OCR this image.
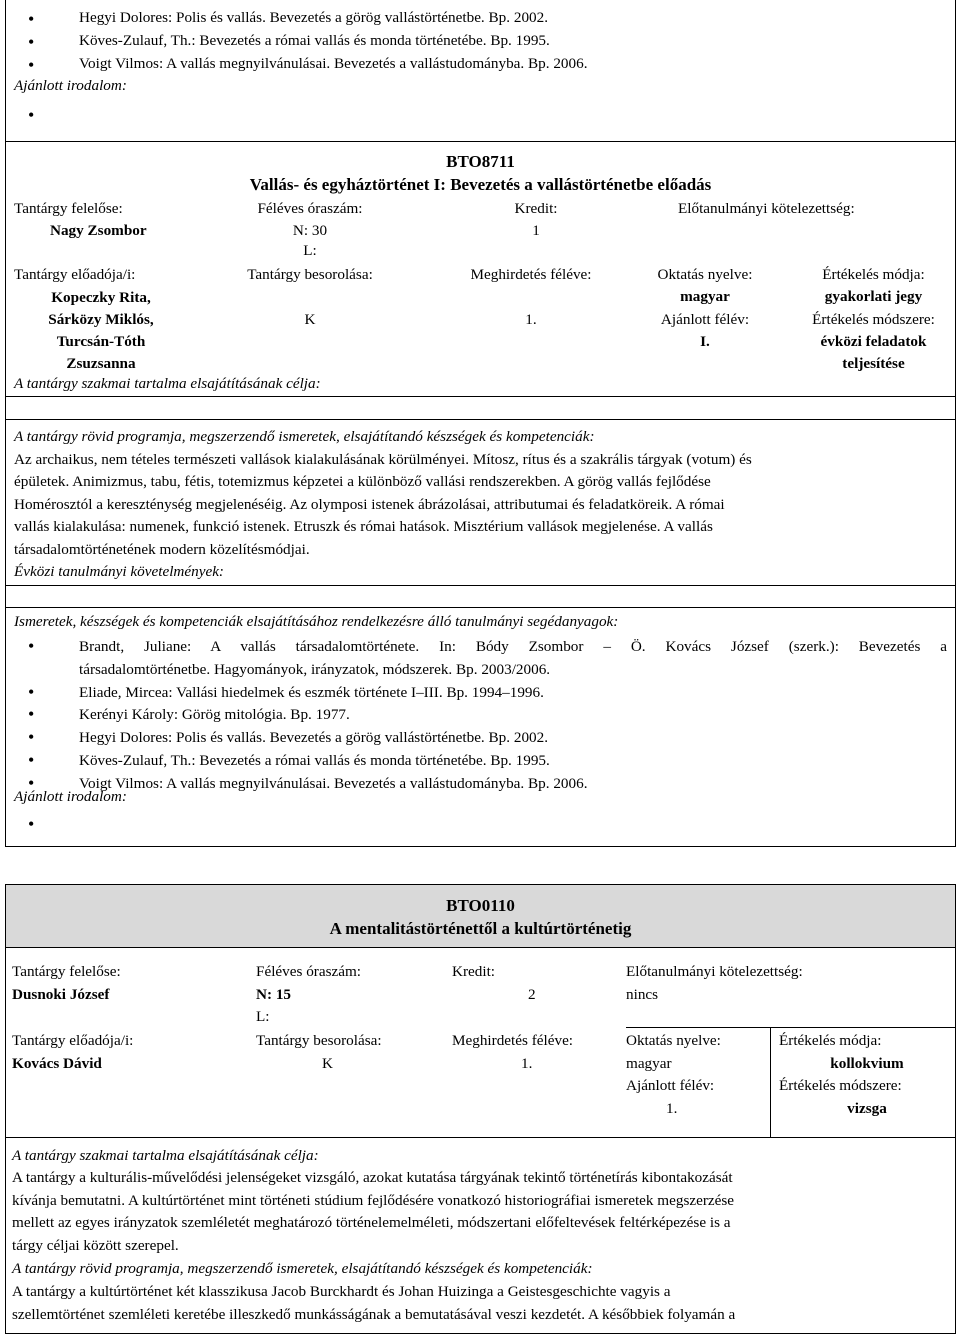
• Hegyi Dolores: Polis és vallás. Bevezetés a görög vallástörténetbe. Bp. 2002.
• Köves-Zulauf, Th.: Bevezetés a római vallás és monda történetébe. Bp. 1995.
• Voigt Vilmos: A vallás megnyilvánulásai. Bevezetés a vallástudományba. Bp. 2006.
Ajánlott irodalom:
•
BTO8711
Vallás- és egyháztörténet I: Bevezetés a vallástörténetbe előadás
Tantárgy felelőse:
Nagy Zsombor
Féléves óraszám:
N: 30
L:
Kredit:
1
Előtanulmányi kötelezettség:
Tantárgy előadója/i:
Kopeczky Rita,
Sárközy Miklós,
Turcsán-Tóth
Zsuzsanna
Tantárgy besorolása:
K
Meghirdetés féléve:
1.
Oktatás nyelve:
magyar
Ajánlott félév:
I.
Értékelés módja:
gyakorlati jegy
Értékelés módszere:
évközi feladatok
teljesítése
A tantárgy szakmai tartalma elsajátításának célja:
A tantárgy rövid programja, megszerzendő ismeretek, elsajátítandó készségek és kompetenciák:
Az archaikus, nem tételes természeti vallások kialakulásának körülményei. Mítosz, rítus és a szakrális tárgyak (votum) és
épületek. Animizmus, tabu, fétis, totemizmus képzetei a különböző vallási rendszerekben. A görög vallás fejlődése
Homérosztól a kereszténység megjelenéséig. Az olymposi istenek ábrázolásai, attributumai és feladatköreik. A római
vallás kialakulása: numenek, funkció istenek. Etruszk és római hatások. Misztérium vallások megjelenése. A vallás
társadalomtörténetének modern közelítésmódjai.
Évközi tanulmányi követelmények:
Ismeretek, készségek és kompetenciák elsajátításához rendelkezésre álló tanulmányi segédanyagok:
• Brandt, Juliane: A vallás társadalomtörténete. In: Bódy Zsombor – Ö. Kovács József (szerk.): Bevezetés a
társadalomtörténetbe. Hagyományok, irányzatok, módszerek. Bp. 2003/2006.
• Eliade, Mircea: Vallási hiedelmek és eszmék története I–III. Bp. 1994–1996.
• Kerényi Károly: Görög mitológia. Bp. 1977.
• Hegyi Dolores: Polis és vallás. Bevezetés a görög vallástörténetbe. Bp. 2002.
• Köves-Zulauf, Th.: Bevezetés a római vallás és monda történetébe. Bp. 1995.
• Voigt Vilmos: A vallás megnyilvánulásai. Bevezetés a vallástudományba. Bp. 2006.
Ajánlott irodalom:
•
BTO0110
A mentalitástörténettől a kultúrtörténetig
Tantárgy felelőse:
Dusnoki József
Féléves óraszám:
N: 15
L:
Kredit:
2
Előtanulmányi kötelezettség:
nincs
Tantárgy előadója/i:
Kovács Dávid
Tantárgy besorolása:
K
Meghirdetés féléve:
1.
Oktatás nyelve:
magyar
Ajánlott félév:
1.
Értékelés módja:
kollokvium
Értékelés módszere:
vizsga
A tantárgy szakmai tartalma elsajátításának célja:
A tantárgy a kulturális-művelődési jelenségeket vizsgáló, azokat kutatása tárgyának tekintő történetírás kibontakozását
kívánja bemutatni. A kultúrtörténet mint történeti stúdium fejlődésére vonatkozó historiográfiai ismeretek megszerzése
mellett az egyes irányzatok szemléletét meghatározó történelemelméleti, módszertani előfeltevések feltérképezése is a
tárgy céljai között szerepel.
A tantárgy rövid programja, megszerzendő ismeretek, elsajátítandó készségek és kompetenciák:
A tantárgy a kultúrtörténet két klasszikusa Jacob Burckhardt és Johan Huizinga a Geistesgeschichte vagyis a
szellemtörténet szemléleti keretébe illeszkedő munkásságának a bemutatásával veszi kezdetét. A későbbiek folyamán a
